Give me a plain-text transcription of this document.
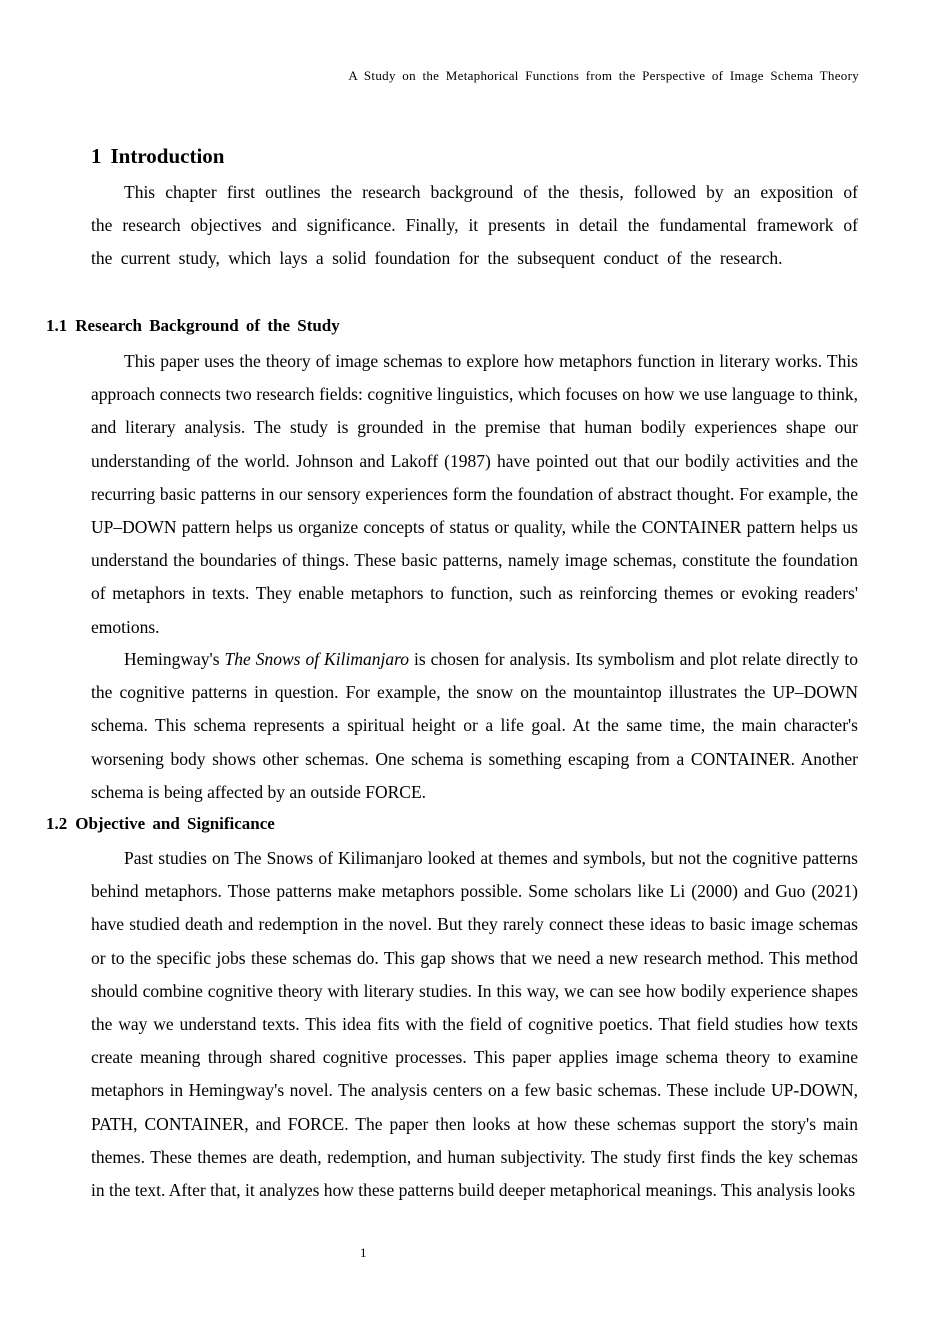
A Study on the Metaphorical Functions from the Perspective of Image Schema Theory
1 Introduction

This chapter first outlines the research background of the thesis, followed by an exposition of the research objectives and significance. Finally, it presents in detail the fundamental framework of the current study, which lays a solid foundation for the subsequent conduct of the research.

1.1 Research Background of the Study

This paper uses the theory of image schemas to explore how metaphors function in literary works. This approach connects two research fields: cognitive linguistics, which focuses on how we use language to think, and literary analysis. The study is grounded in the premise that human bodily experiences shape our understanding of the world. Johnson and Lakoff (1987) have pointed out that our bodily activities and the recurring basic patterns in our sensory experiences form the foundation of abstract thought. For example, the UP–DOWN pattern helps us organize concepts of status or quality, while the CONTAINER pattern helps us understand the boundaries of things. These basic patterns, namely image schemas, constitute the foundation of metaphors in texts. They enable metaphors to function, such as reinforcing themes or evoking readers' emotions.

Hemingway's The Snows of Kilimanjaro is chosen for analysis. Its symbolism and plot relate directly to the cognitive patterns in question. For example, the snow on the mountaintop illustrates the UP–DOWN schema. This schema represents a spiritual height or a life goal. At the same time, the main character's worsening body shows other schemas. One schema is something escaping from a CONTAINER. Another schema is being affected by an outside FORCE.

1.2 Objective and Significance

Past studies on The Snows of Kilimanjaro looked at themes and symbols, but not the cognitive patterns behind metaphors. Those patterns make metaphors possible. Some scholars like Li (2000) and Guo (2021) have studied death and redemption in the novel. But they rarely connect these ideas to basic image schemas or to the specific jobs these schemas do. This gap shows that we need a new research method. This method should combine cognitive theory with literary studies. In this way, we can see how bodily experience shapes the way we understand texts. This idea fits with the field of cognitive poetics. That field studies how texts create meaning through shared cognitive processes. This paper applies image schema theory to examine metaphors in Hemingway's novel. The analysis centers on a few basic schemas. These include UP-DOWN, PATH, CONTAINER, and FORCE. The paper then looks at how these schemas support the story's main themes. These themes are death, redemption, and human subjectivity. The study first finds the key schemas in the text. After that, it analyzes how these patterns build deeper metaphorical meanings. This analysis looks

1
